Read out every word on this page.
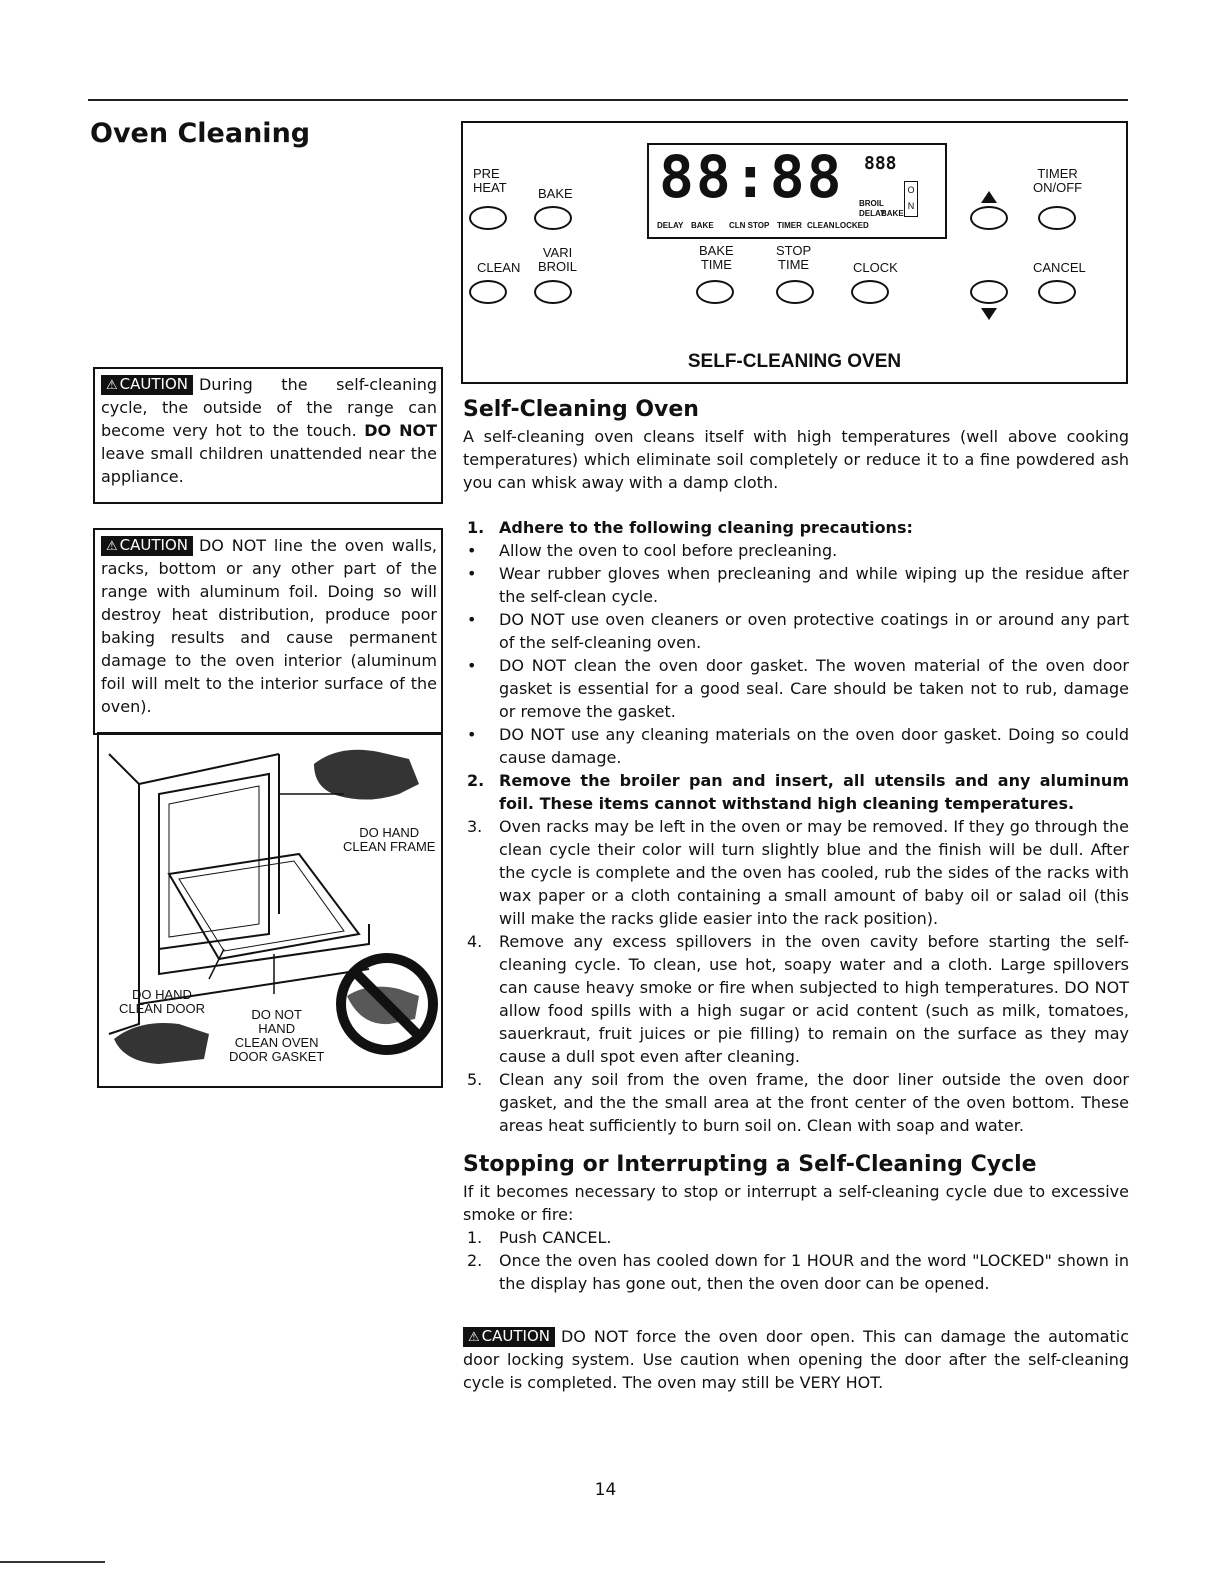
Oven Cleaning
⚠ CAUTION During the self-cleaning cycle, the outside of the range can become very hot to the touch. DO NOT leave small children unattended near the appliance.
⚠ CAUTION DO NOT line the oven walls, racks, bottom or any other part of the range with aluminum foil. Doing so will destroy heat distribution, produce poor baking results and cause permanent damage to the oven interior (aluminum foil will melt to the interior surface of the oven).
DO HAND
CLEAN FRAME
DO HAND
CLEAN DOOR	DO NOT
HAND
CLEAN OVEN
DOOR GASKET
PRE
HEAT BAKE
CLEAN
VARI
BROIL
88:88 888
DELAY BAKE CLN STOP TIMER CLEAN LOCKED
BROIL
DELAY
BAKE
O
N
BAKE
TIME
STOP
TIME	CLOCK
TIMER
ON/OFF
CANCEL
SELF-CLEANING OVEN
Self-Cleaning Oven
A self-cleaning oven cleans itself with high temperatures (well above cooking temperatures) which eliminate soil completely or reduce it to a fine powdered ash you can whisk away with a damp cloth.
1. Adhere to the following cleaning precautions:
• Allow the oven to cool before precleaning.
• Wear rubber gloves when precleaning and while wiping up the residue after the self-clean cycle.
• DO NOT use oven cleaners or oven protective coatings in or around any part of the self-cleaning oven.
• DO NOT clean the oven door gasket. The woven material of the oven door gasket is essential for a good seal. Care should be taken not to rub, damage or remove the gasket.
• DO NOT use any cleaning materials on the oven door gasket. Doing so could cause damage.
2. Remove the broiler pan and insert, all utensils and any aluminum foil. These items cannot withstand high cleaning temperatures.
3. Oven racks may be left in the oven or may be removed. If they go through the clean cycle their color will turn slightly blue and the finish will be dull. After the cycle is complete and the oven has cooled, rub the sides of the racks with wax paper or a cloth containing a small amount of baby oil or salad oil (this will make the racks glide easier into the rack position).
4. Remove any excess spillovers in the oven cavity before starting the self-cleaning cycle. To clean, use hot, soapy water and a cloth. Large spillovers can cause heavy smoke or fire when subjected to high temperatures. DO NOT allow food spills with a high sugar or acid content (such as milk, tomatoes, sauerkraut, fruit juices or pie filling) to remain on the surface as they may cause a dull spot even after cleaning.
5. Clean any soil from the oven frame, the door liner outside the oven door gasket, and the the small area at the front center of the oven bottom. These areas heat sufficiently to burn soil on. Clean with soap and water.
Stopping or Interrupting a Self-Cleaning Cycle
If it becomes necessary to stop or interrupt a self-cleaning cycle due to excessive smoke or fire:
1. Push CANCEL.
2. Once the oven has cooled down for 1 HOUR and the word "LOCKED" shown in the display has gone out, then the oven door can be opened.
⚠ CAUTION DO NOT force the oven door open. This can damage the automatic door locking system. Use caution when opening the door after the self-cleaning cycle is completed. The oven may still be VERY HOT.
14
